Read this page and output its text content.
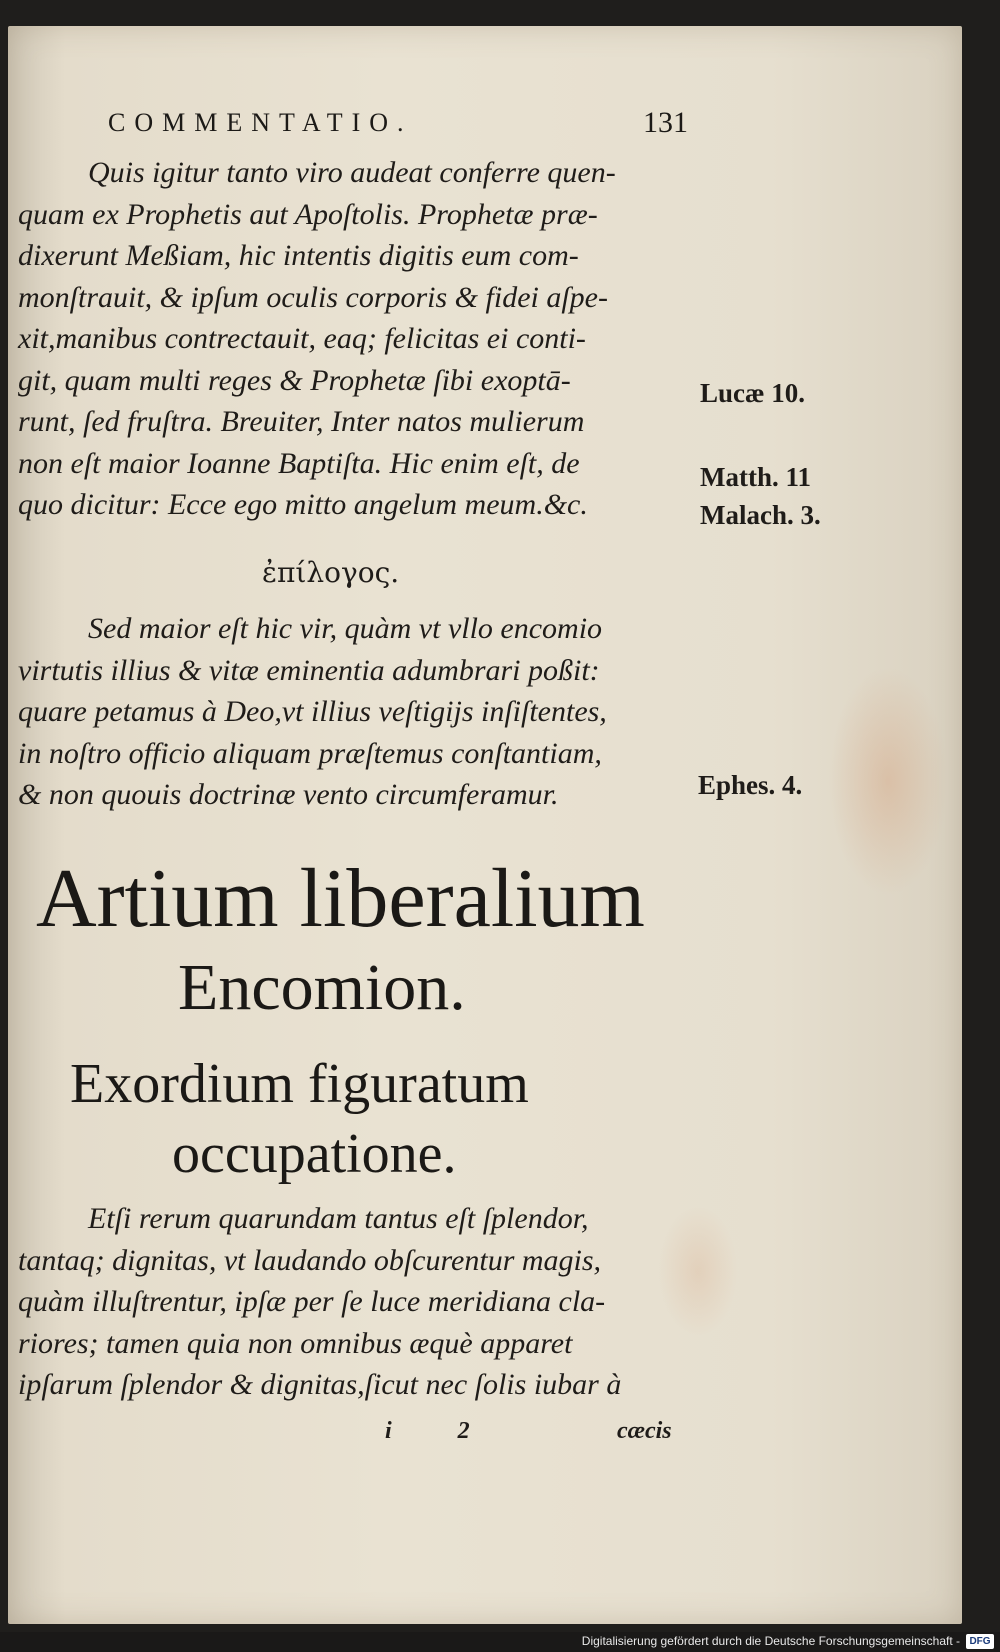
COMMENTATIO.	131
Quis igitur tanto viro audeat conferre quen-
quam ex Prophetis aut Apoſtolis. Prophetæ præ-
dixerunt Meßiam, hic intentis digitis eum com-
monſtrauit, & ipſum oculis corporis & fidei aſpe-
xit,manibus contrectauit, eaq; felicitas ei conti-
git, quam multi reges & Prophetæ ſibi exoptā-
runt, ſed fruſtra. Breuiter, Inter natos mulierum
non eſt maior Ioanne Baptiſta. Hic enim eſt, de
quo dicitur: Ecce ego mitto angelum meum.&c.
Lucæ 10.
Matth. 11
Malach. 3.
ἐπίλογος.
Sed maior eſt hic vir, quàm vt vllo encomio
virtutis illius & vitæ eminentia adumbrari poßit:
quare petamus à Deo,vt illius veſtigijs inſiſtentes,
in noſtro officio aliquam præſtemus conſtantiam,
& non quouis doctrinæ vento circumferamur.	Ephes. 4.
Artium liberalium
Encomion.
Exordium figuratum
occupatione.
Etſi rerum quarundam tantus eſt ſplendor,
tantaq; dignitas, vt laudando obſcurentur magis,
quàm illuſtrentur, ipſæ per ſe luce meridiana cla-
riores; tamen quia non omnibus æquè apparet
ipſarum ſplendor & dignitas,ſicut nec ſolis iubar à
i 2	cæcis
Digitalisierung gefördert durch die Deutsche Forschungsgemeinschaft - DFG
